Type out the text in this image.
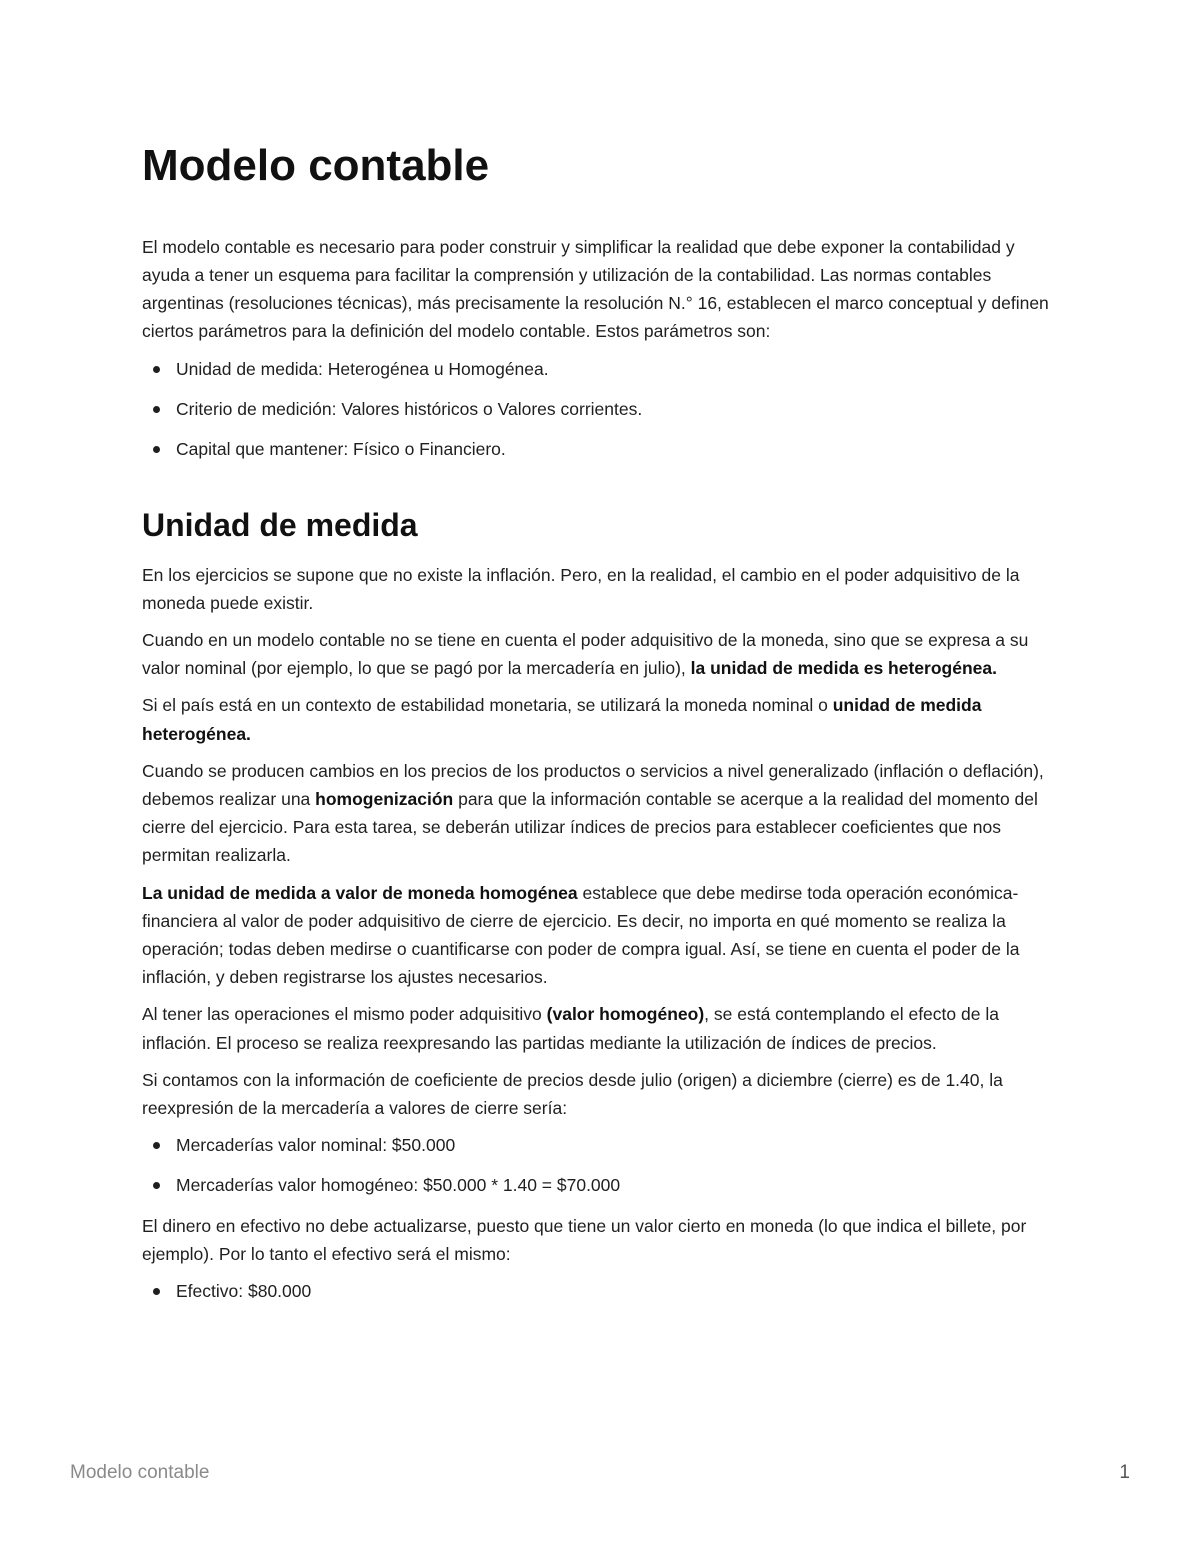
Modelo contable

El modelo contable es necesario para poder construir y simplificar la realidad que debe exponer la contabilidad y ayuda a tener un esquema para facilitar la comprensión y utilización de la contabilidad. Las normas contables argentinas (resoluciones técnicas), más precisamente la resolución N.° 16, establecen el marco conceptual y definen ciertos parámetros para la definición del modelo contable. Estos parámetros son:

Unidad de medida: Heterogénea u Homogénea.
Criterio de medición: Valores históricos o Valores corrientes.
Capital que mantener: Físico o Financiero.
Unidad de medida

En los ejercicios se supone que no existe la inflación. Pero, en la realidad, el cambio en el poder adquisitivo de la moneda puede existir.

Cuando en un modelo contable no se tiene en cuenta el poder adquisitivo de la moneda, sino que se expresa a su valor nominal (por ejemplo, lo que se pagó por la mercadería en julio), la unidad de medida es heterogénea.

Si el país está en un contexto de estabilidad monetaria, se utilizará la moneda nominal o unidad de medida heterogénea.

Cuando se producen cambios en los precios de los productos o servicios a nivel generalizado (inflación o deflación), debemos realizar una homogenización para que la información contable se acerque a la realidad del momento del cierre del ejercicio. Para esta tarea, se deberán utilizar índices de precios para establecer coeficientes que nos permitan realizarla.

La unidad de medida a valor de moneda homogénea establece que debe medirse toda operación económica-financiera al valor de poder adquisitivo de cierre de ejercicio. Es decir, no importa en qué momento se realiza la operación; todas deben medirse o cuantificarse con poder de compra igual. Así, se tiene en cuenta el poder de la inflación, y deben registrarse los ajustes necesarios.

Al tener las operaciones el mismo poder adquisitivo (valor homogéneo), se está contemplando el efecto de la inflación. El proceso se realiza reexpresando las partidas mediante la utilización de índices de precios.

Si contamos con la información de coeficiente de precios desde julio (origen) a diciembre (cierre) es de 1.40, la reexpresión de la mercadería a valores de cierre sería:

Mercaderías valor nominal: $50.000
Mercaderías valor homogéneo: $50.000 * 1.40 = $70.000

El dinero en efectivo no debe actualizarse, puesto que tiene un valor cierto en moneda (lo que indica el billete, por ejemplo). Por lo tanto el efectivo será el mismo:

Efectivo: $80.000
Modelo contable	1
